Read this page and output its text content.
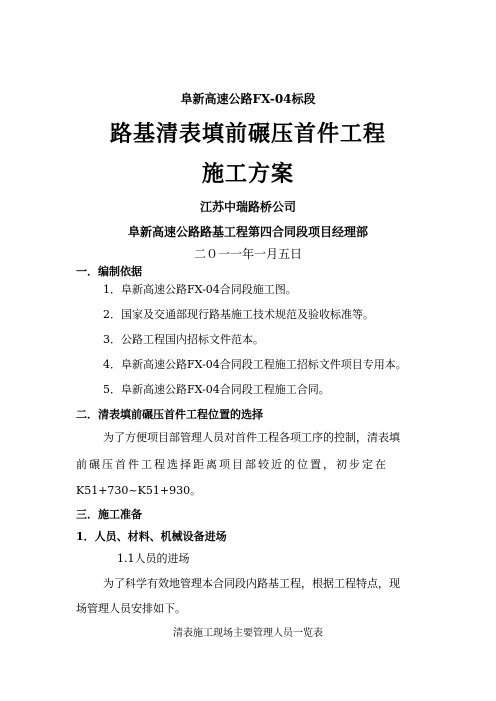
阜新高速公路FX-04标段
路基清表填前碾压首件工程
施工方案
江苏中瑞路桥公司
阜新高速公路路基工程第四合同段项目经理部
二０一一年一月五日
一．编制依据
1．阜新高速公路FX-04合同段施工图。
2．国家及交通部现行路基施工技术规范及验收标准等。
3．公路工程国内招标文件范本。
4．阜新高速公路FX-04合同段工程施工招标文件项目专用本。
5．阜新高速公路FX-04合同段工程施工合同。
二．清表填前碾压首件工程位置的选择
为了方便项目部管理人员对首件工程各项工序的控制，清表填
前碾压首件工程选择距离项目部较近的位置，初步定在
K51+730~K51+930。
三．施工准备
1．人员、材料、机械设备进场
1.1人员的进场
为了科学有效地管理本合同段内路基工程，根据工程特点，现
场管理人员安排如下。
清表施工现场主要管理人员一览表
